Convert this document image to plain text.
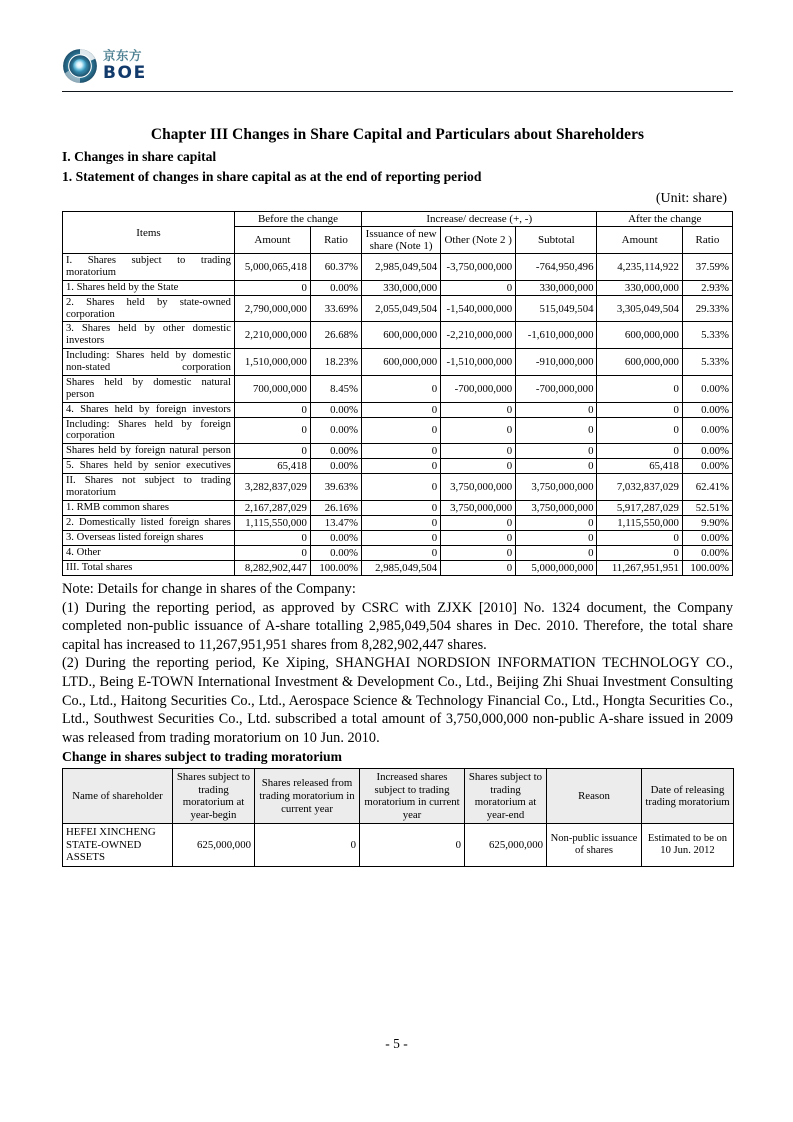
京东方
BOE
Chapter III Changes in Share Capital and Particulars about Shareholders
I. Changes in share capital
1. Statement of changes in share capital as at the end of reporting period
(Unit: share)
Items	Before the change		Increase/ decrease (+, -)			After the change	
	Amount	Ratio	Issuance of new share (Note 1)	Other (Note 2 )	Subtotal	Amount	Ratio
I. Shares subject to trading moratorium	5,000,065,418	60.37%	2,985,049,504	-3,750,000,000	-764,950,496	4,235,114,922	37.59%
1. Shares held by the State	0	0.00%	330,000,000	0	330,000,000	330,000,000	2.93%
2. Shares held by state-owned corporation	2,790,000,000	33.69%	2,055,049,504	-1,540,000,000	515,049,504	3,305,049,504	29.33%
3. Shares held by other domestic investors	2,210,000,000	26.68%	600,000,000	-2,210,000,000	-1,610,000,000	600,000,000	5.33%
Including: Shares held by domestic non-stated corporation	1,510,000,000	18.23%	600,000,000	-1,510,000,000	-910,000,000	600,000,000	5.33%
Shares held by domestic natural person	700,000,000	8.45%	0	-700,000,000	-700,000,000	0	0.00%
4. Shares held by foreign investors	0	0.00%	0	0	0	0	0.00%
Including: Shares held by foreign corporation	0	0.00%	0	0	0	0	0.00%
Shares held by foreign natural person	0	0.00%	0	0	0	0	0.00%
5. Shares held by senior executives	65,418	0.00%	0	0	0	65,418	0.00%
II. Shares not subject to trading moratorium	3,282,837,029	39.63%	0	3,750,000,000	3,750,000,000	7,032,837,029	62.41%
1. RMB common shares	2,167,287,029	26.16%	0	3,750,000,000	3,750,000,000	5,917,287,029	52.51%
2. Domestically listed foreign shares	1,115,550,000	13.47%	0	0	0	1,115,550,000	9.90%
3. Overseas listed foreign shares	0	0.00%	0	0	0	0	0.00%
4. Other	0	0.00%	0	0	0	0	0.00%
III. Total shares	8,282,902,447	100.00%	2,985,049,504	0	5,000,000,000	11,267,951,951	100.00%

Note: Details for change in shares of the Company:

(1) During the reporting period, as approved by CSRC with ZJXK [2010] No. 1324 document, the Company completed non-public issuance of A-share totalling 2,985,049,504 shares in Dec. 2010. Therefore, the total share capital has increased to 11,267,951,951 shares from 8,282,902,447 shares.

(2) During the reporting period, Ke Xiping, SHANGHAI NORDSION INFORMATION TECHNOLOGY CO., LTD., Being E-TOWN International Investment & Development Co., Ltd., Beijing Zhi Shuai Investment Consulting Co., Ltd., Haitong Securities Co., Ltd., Aerospace Science & Technology Financial Co., Ltd., Hongta Securities Co., Ltd., Southwest Securities Co., Ltd. subscribed a total amount of 3,750,000,000 non-public A-share issued in 2009 was released from trading moratorium on 10 Jun. 2010.

Change in shares subject to trading moratorium
Name of shareholder	Shares subject to trading moratorium at year-begin	Shares released from trading moratorium in current year	Increased shares subject to trading moratorium in current year	Shares subject to trading moratorium at year-end	Reason	Date of releasing trading moratorium
HEFEI XINCHENG STATE-OWNED ASSETS	625,000,000	0	0	625,000,000	Non-public issuance of shares	Estimated to be on 10 Jun. 2012
- 5 -
